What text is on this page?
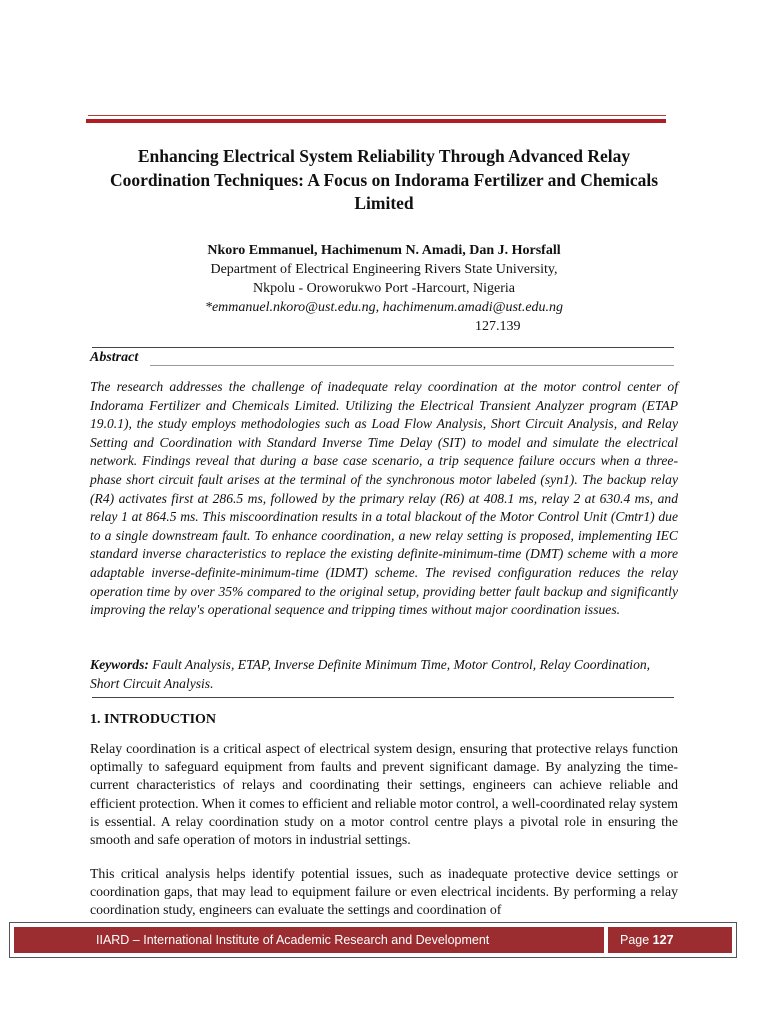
Enhancing Electrical System Reliability Through Advanced Relay Coordination Techniques: A Focus on Indorama Fertilizer and Chemicals Limited
Nkoro Emmanuel, Hachimenum N. Amadi, Dan J. Horsfall
Department of Electrical Engineering Rivers State University,
Nkpolu - Oroworukwo Port -Harcourt, Nigeria
*emmanuel.nkoro@ust.edu.ng, hachimenum.amadi@ust.edu.ng
127.139
Abstract
The research addresses the challenge of inadequate relay coordination at the motor control center of Indorama Fertilizer and Chemicals Limited. Utilizing the Electrical Transient Analyzer program (ETAP 19.0.1), the study employs methodologies such as Load Flow Analysis, Short Circuit Analysis, and Relay Setting and Coordination with Standard Inverse Time Delay (SIT) to model and simulate the electrical network. Findings reveal that during a base case scenario, a trip sequence failure occurs when a three-phase short circuit fault arises at the terminal of the synchronous motor labeled (syn1). The backup relay (R4) activates first at 286.5 ms, followed by the primary relay (R6) at 408.1 ms, relay 2 at 630.4 ms, and relay 1 at 864.5 ms. This miscoordination results in a total blackout of the Motor Control Unit (Cmtr1) due to a single downstream fault. To enhance coordination, a new relay setting is proposed, implementing IEC standard inverse characteristics to replace the existing definite-minimum-time (DMT) scheme with a more adaptable inverse-definite-minimum-time (IDMT) scheme. The revised configuration reduces the relay operation time by over 35% compared to the original setup, providing better fault backup and significantly improving the relay's operational sequence and tripping times without major coordination issues.
Keywords: Fault Analysis, ETAP, Inverse Definite Minimum Time, Motor Control, Relay Coordination, Short Circuit Analysis.
1. INTRODUCTION
Relay coordination is a critical aspect of electrical system design, ensuring that protective relays function optimally to safeguard equipment from faults and prevent significant damage. By analyzing the time-current characteristics of relays and coordinating their settings, engineers can achieve reliable and efficient protection. When it comes to efficient and reliable motor control, a well-coordinated relay system is essential. A relay coordination study on a motor control centre plays a pivotal role in ensuring the smooth and safe operation of motors in industrial settings.
This critical analysis helps identify potential issues, such as inadequate protective device settings or coordination gaps, that may lead to equipment failure or even electrical incidents. By performing a relay coordination study, engineers can evaluate the settings and coordination of
IIARD – International Institute of Academic Research and Development	Page 127
